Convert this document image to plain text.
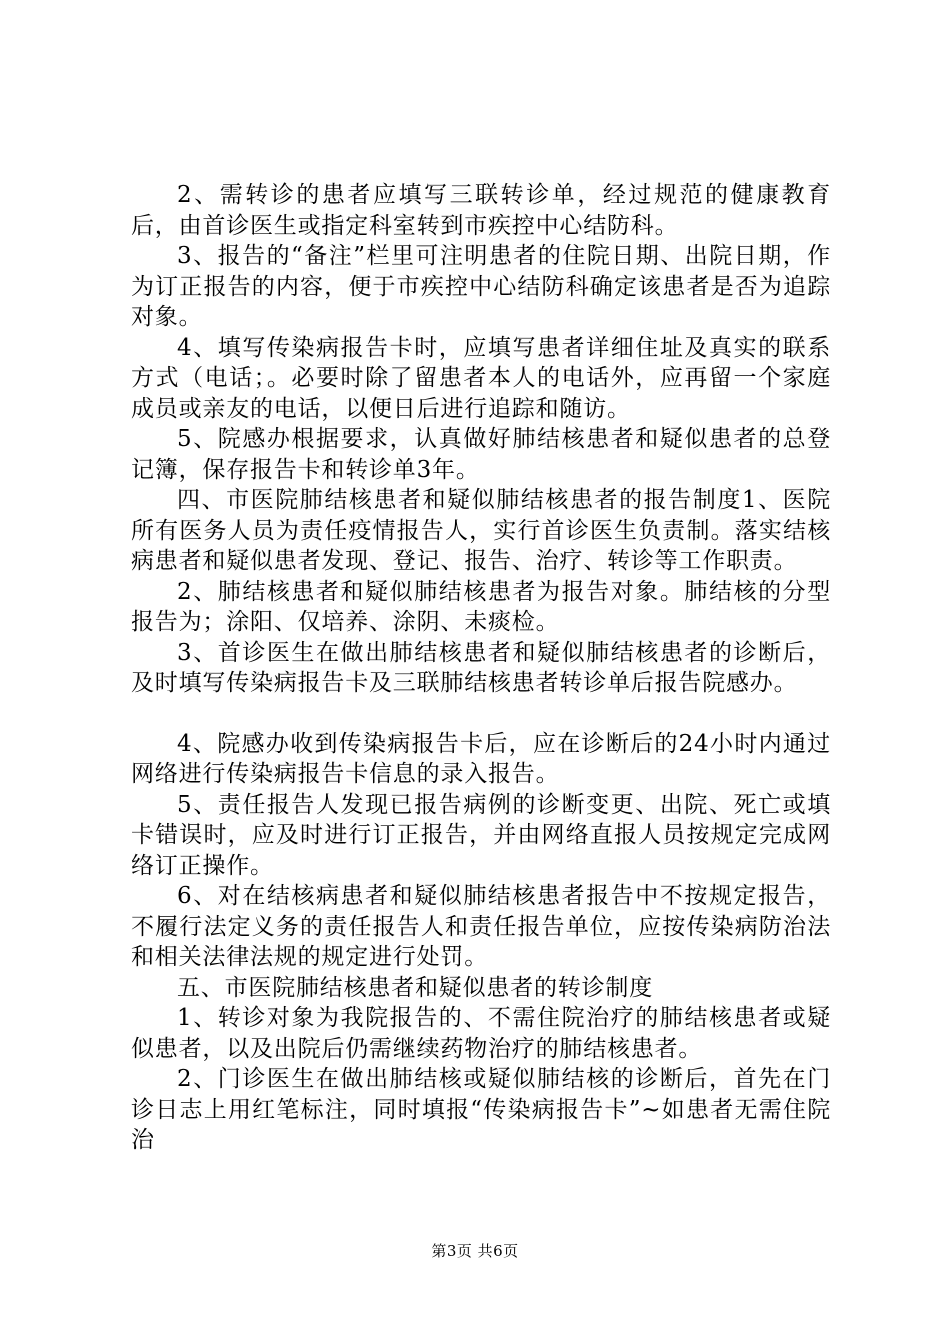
2、需转诊的患者应填写三联转诊单，经过规范的健康教育后，由首诊医生或指定科室转到市疾控中心结防科。

3、报告的“备注”栏里可注明患者的住院日期、出院日期，作为订正报告的内容，便于市疾控中心结防科确定该患者是否为追踪对象。

4、填写传染病报告卡时，应填写患者详细住址及真实的联系方式（电话；。必要时除了留患者本人的电话外，应再留一个家庭成员或亲友的电话，以便日后进行追踪和随访。

5、院感办根据要求，认真做好肺结核患者和疑似患者的总登记簿，保存报告卡和转诊单3年。

四、市医院肺结核患者和疑似肺结核患者的报告制度1、医院所有医务人员为责任疫情报告人，实行首诊医生负责制。落实结核病患者和疑似患者发现、登记、报告、治疗、转诊等工作职责。

2、肺结核患者和疑似肺结核患者为报告对象。肺结核的分型报告为；涂阳、仅培养、涂阴、未痰检。

3、首诊医生在做出肺结核患者和疑似肺结核患者的诊断后，及时填写传染病报告卡及三联肺结核患者转诊单后报告院感办。

4、院感办收到传染病报告卡后，应在诊断后的24小时内通过网络进行传染病报告卡信息的录入报告。

5、责任报告人发现已报告病例的诊断变更、出院、死亡或填卡错误时，应及时进行订正报告，并由网络直报人员按规定完成网络订正操作。

6、对在结核病患者和疑似肺结核患者报告中不按规定报告，不履行法定义务的责任报告人和责任报告单位，应按传染病防治法和相关法律法规的规定进行处罚。

五、市医院肺结核患者和疑似患者的转诊制度

1、转诊对象为我院报告的、不需住院治疗的肺结核患者或疑似患者，以及出院后仍需继续药物治疗的肺结核患者。

2、门诊医生在做出肺结核或疑似肺结核的诊断后，首先在门诊日志上用红笔标注，同时填报“传染病报告卡”~如患者无需住院治

第3页 共6页
